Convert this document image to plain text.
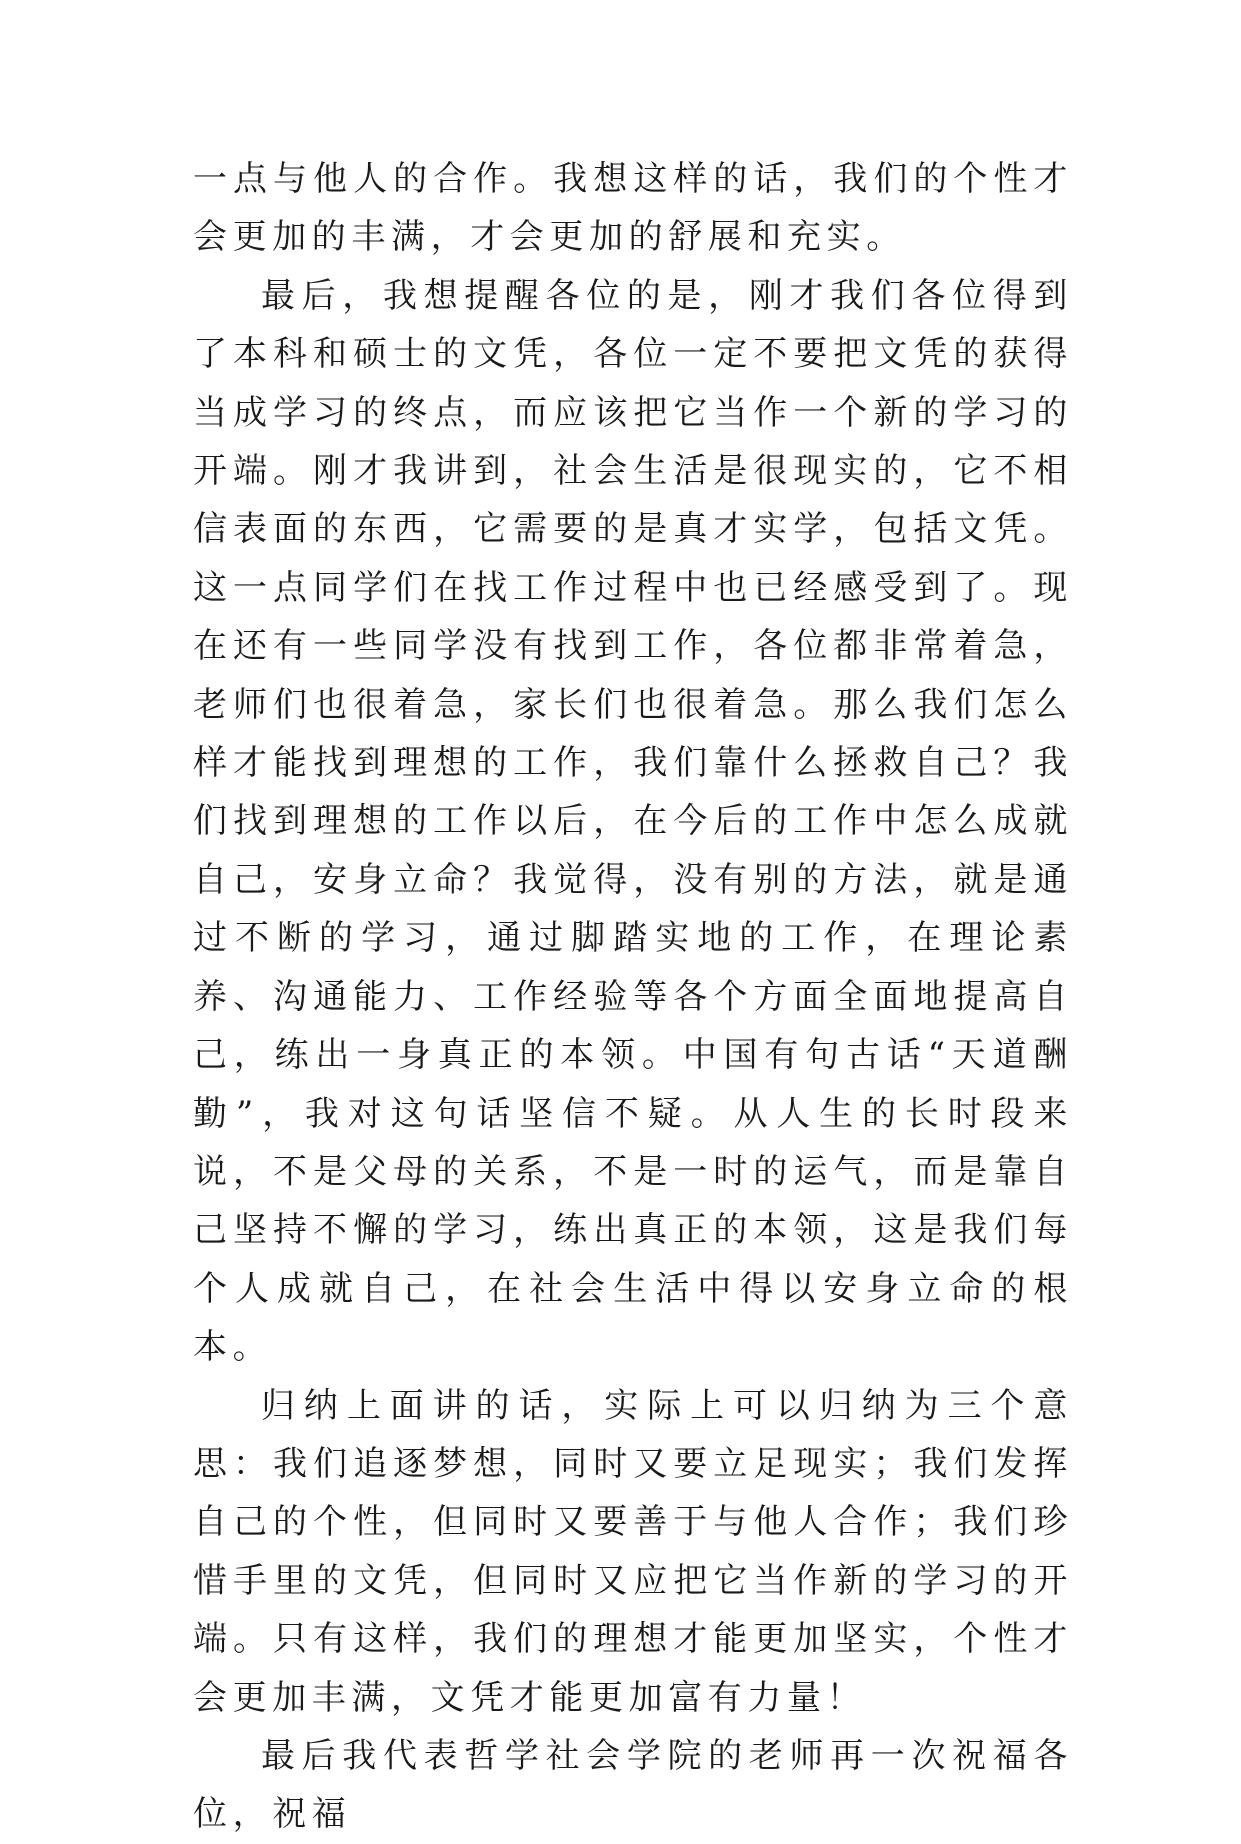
一点与他人的合作。我想这样的话，我们的个性才会更加的丰满，才会更加的舒展和充实。

最后，我想提醒各位的是，刚才我们各位得到了本科和硕士的文凭，各位一定不要把文凭的获得当成学习的终点，而应该把它当作一个新的学习的开端。刚才我讲到，社会生活是很现实的，它不相信表面的东西，它需要的是真才实学，包括文凭。这一点同学们在找工作过程中也已经感受到了。现在还有一些同学没有找到工作，各位都非常着急，老师们也很着急，家长们也很着急。那么我们怎么样才能找到理想的工作，我们靠什么拯救自己？我们找到理想的工作以后，在今后的工作中怎么成就自己，安身立命？我觉得，没有别的方法，就是通过不断的学习，通过脚踏实地的工作，在理论素养、沟通能力、工作经验等各个方面全面地提高自己，练出一身真正的本领。中国有句古话“天道酬勤”，我对这句话坚信不疑。从人生的长时段来说，不是父母的关系，不是一时的运气，而是靠自己坚持不懈的学习，练出真正的本领，这是我们每个人成就自己，在社会生活中得以安身立命的根本。

归纳上面讲的话，实际上可以归纳为三个意思：我们追逐梦想，同时又要立足现实；我们发挥自己的个性，但同时又要善于与他人合作；我们珍惜手里的文凭，但同时又应把它当作新的学习的开端。只有这样，我们的理想才能更加坚实，个性才会更加丰满，文凭才能更加富有力量！

最后我代表哲学社会学院的老师再一次祝福各位，祝福
